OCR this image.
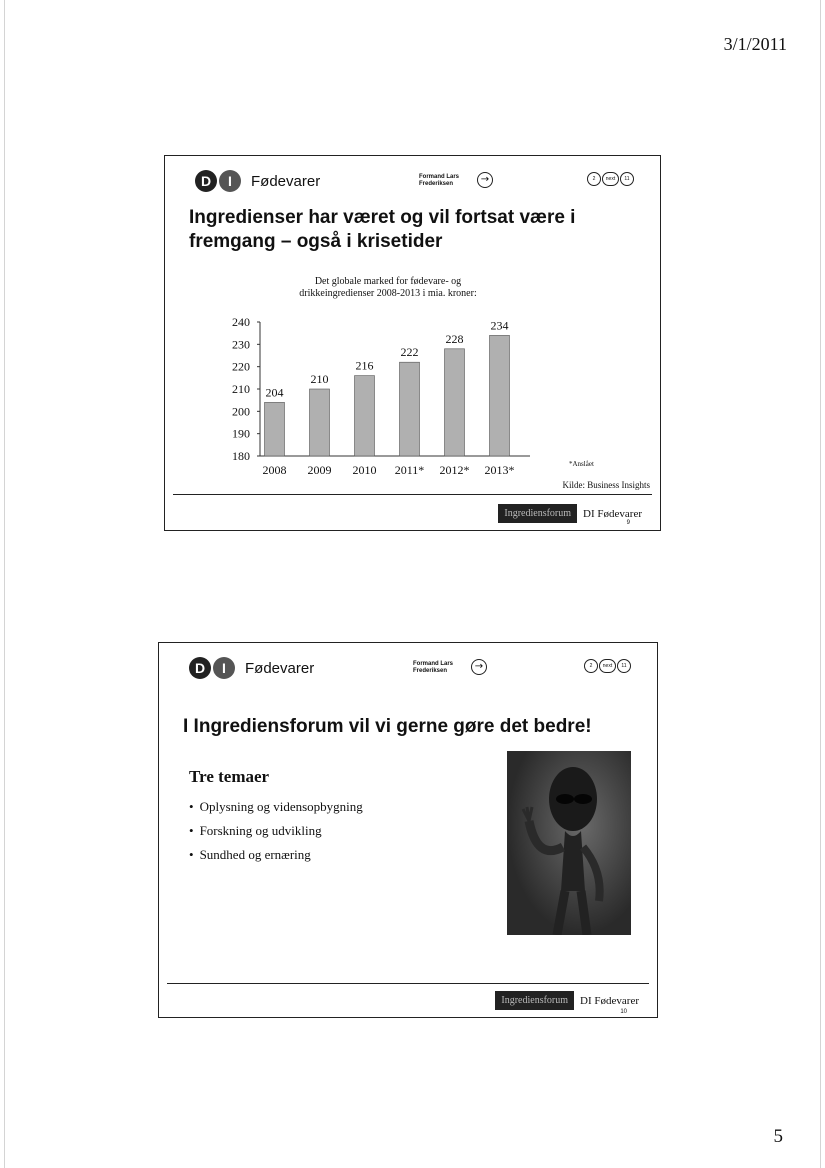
3/1/2011
D	I	Fødevarer	Formand Lars
Frederiksen	→	2	next	11
Ingredienser har været og vil fortsat være i fremgang – også i krisetider
Det globale marked for fødevare- og drikkeingredienser 2008-2013 i mia. kroner:
180
190
200
210
220
230
240
204
2008
210
2009
216
2010
222
2011*
228
2012*
234
2013*	*Anslået
Kilde: Business Insights
Ingrediensforum	DI Fødevarer
9
D	I	Fødevarer	Formand Lars
Frederiksen	→	2	next	11
I Ingrediensforum vil vi gerne gøre det bedre!
Tre temaer
• Oplysning og vidensopbygning
• Forskning og udvikling
• Sundhed og ernæring
Ingrediensforum	DI Fødevarer
10
5
